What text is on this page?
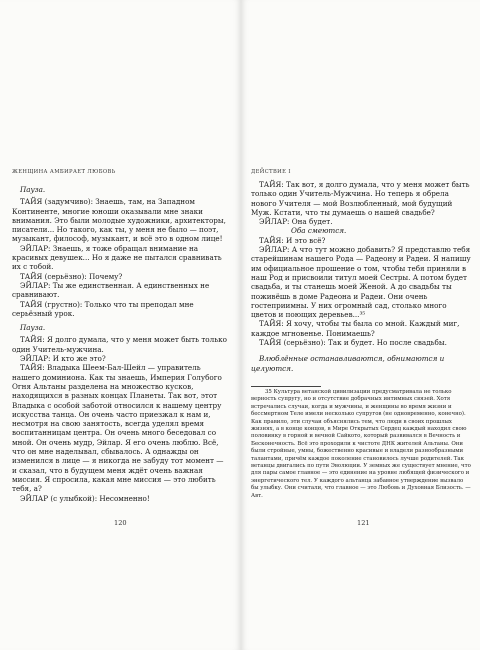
ЖЕНЩИНА АМБИРАЕТ ЛЮБОВЬ

Пауза.

ТАЙЯ (задумчиво): Знаешь, там, на Западном Континенте, многие юноши оказывали мне знаки внимания. Это были молодые художники, архитекторы, писатели... Но такого, как ты, у меня не было — поэт, музыкант, философ, музыкант, и всё это в одном лице!

ЭЙЛАР: Знаешь, я тоже обращал внимание на красивых девушек... Но я даже не пытался сравнивать их с тобой.

ТАЙЯ (серьёзно): Почему?

ЭЙЛАР: Ты же единственная. А единственных не сравнивают.

ТАЙЯ (грустно): Только что ты преподал мне серьёзный урок.

Пауза.

ТАЙЯ: Я долго думала, что у меня может быть только один Учитель-мужчина.

ЭЙЛАР: И кто же это?

ТАЙЯ: Владыка Шеем-Бал-Шейл — управитель нашего доминиона. Как ты знаешь, Империя Голубого Огня Альтаны разделена на множество кусков, находящихся в разных концах Планеты. Так вот, этот Владыка с особой заботой относился к нашему центру искусства танца. Он очень часто приезжал к нам и, несмотря на свою занятость, всегда уделял время воспитанницам центра. Он очень много беседовал со мной. Он очень мудр, Эйлар. Я его очень люблю. Всё, что он мне наделывал, сбывалось. А однажды он изменился в лице — я никогда не забуду тот момент — и сказал, что в будущем меня ждёт очень важная миссия. Я спросила, какая мне миссия — это любить тебя, а?

ЭЙЛАР (с улыбкой): Несомненно!

120
ДЕЙСТВИЕ I

ТАЙЯ: Так вот, я долго думала, что у меня может быть только один Учитель-Мужчина. Но теперь я обрела нового Учителя — мой Возлюбленный, мой будущий Муж. Кстати, что ты думаешь о нашей свадьбе?

ЭЙЛАР: Она будет.

Оба смеются.

ТАЙЯ: И это всё?

ЭЙЛАР: А что тут можно добавить? Я представлю тебя старейшинам нашего Рода — Радеону и Радеи. Я напишу им официальное прошение о том, чтобы тебя приняли в наш Род и присвоили титул моей Сестры. А потом будет свадьба, и ты станешь моей Женой. А до свадьбы ты поживёшь в доме Радеона и Радеи. Они очень гостеприимны. У них огромный сад, столько много цветов и поющих деревьев...³⁵

ТАЙЯ: Я хочу, чтобы ты была со мной. Каждый миг, каждое мгновенье. Понимаешь?

ТАЙЯ (серьёзно): Так и будет. Но после свадьбы.

Влюблённые останавливаются, обнимаются и целуются.

35 Культура ветанской цивилизации предусматривала не только верность супругу, но и отсутствие добрачных интимных связей. Хотя встречались случаи, когда и мужчины, и женщины во время жизни и бессмертном Теле имели несколько супругов (не одновременно, конечно). Как правило, эти случаи объяснялись тем, что люди в своих прошлых жизнях, а в конце концов, в Мире Открытых Сердец каждый находил свою половинку в горной и вечной Сайкото, который развивался в Вечность и Бесконечность. Всё это проходили к чистоте ДНК жителей Альтаны. Они были стройные, умны, божественно красивые и владели разнообразными талантами, причём каждое поколение становилось лучше родителей. Так ветанцы двигались по пути Эволюции. У земных же существует мнение, что для пары самое главное — это единение на уровне любящей физического и энергетического тел. У каждого альтанца забавное утверждение вызвало бы улыбку. Они считали, что главное — это Любовь и Духовная Близость. — Авт.

121
